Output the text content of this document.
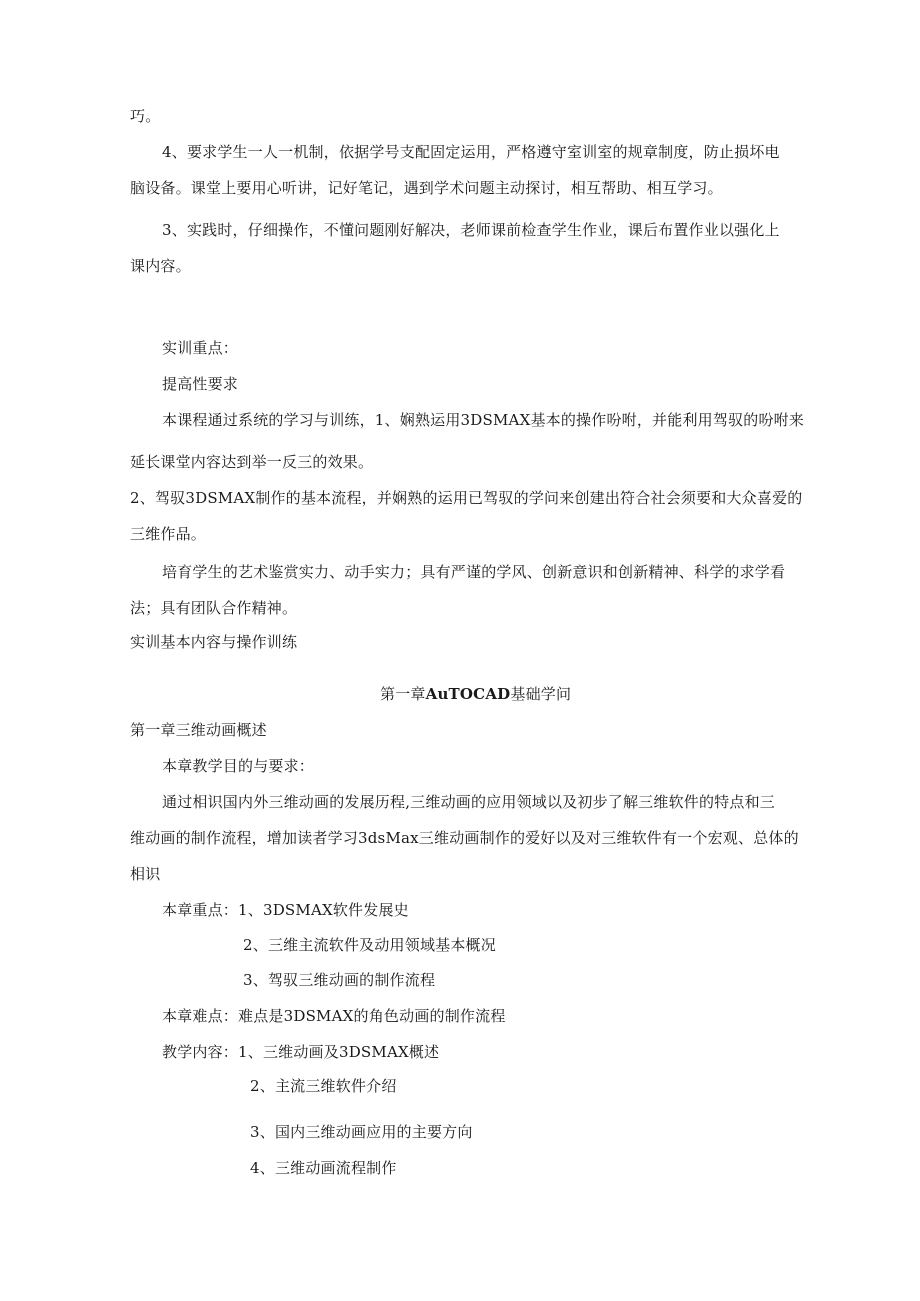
巧。
4、要求学生一人一机制，依据学号支配固定运用，严格遵守室训室的规章制度，防止损坏电
脑设备。课堂上要用心听讲，记好笔记，遇到学术问题主动探讨，相互帮助、相互学习。
3、实践时，仔细操作，不懂问题刚好解决，老师课前检查学生作业，课后布置作业以强化上
课内容。
实训重点：
提高性要求
本课程通过系统的学习与训练，1、娴熟运用3DSMAX基本的操作吩咐，并能利用驾驭的吩咐来
延长课堂内容达到举一反三的效果。
2、驾驭3DSMAX制作的基本流程，并娴熟的运用已驾驭的学问来创建出符合社会须要和大众喜爱的
三维作品。
培育学生的艺术鉴赏实力、动手实力；具有严谨的学风、创新意识和创新精神、科学的求学看
法；具有团队合作精神。
实训基本内容与操作训练
第一章AuTOCAD基础学问
第一章三维动画概述
本章教学目的与要求：
通过相识国内外三维动画的发展历程,三维动画的应用领域以及初步了解三维软件的特点和三
维动画的制作流程，增加读者学习3dsMax三维动画制作的爱好以及对三维软件有一个宏观、总体的
相识
本章重点：1、3DSMAX软件发展史
2、三维主流软件及动用领域基本概况
3、驾驭三维动画的制作流程
本章难点：难点是3DSMAX的角色动画的制作流程
教学内容：1、三维动画及3DSMAX概述
2、主流三维软件介绍
3、国内三维动画应用的主要方向
4、三维动画流程制作
